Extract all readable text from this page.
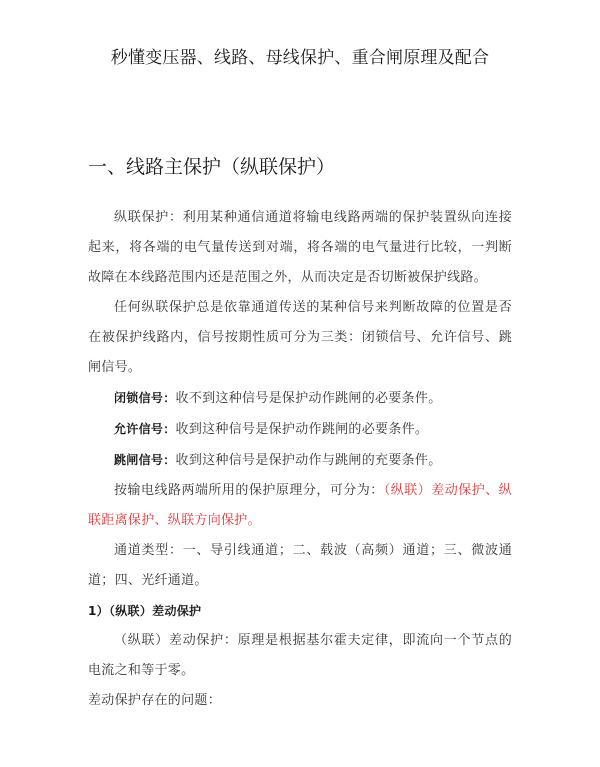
秒懂变压器、线路、母线保护、重合闸原理及配合
一、线路主保护（纵联保护）
纵联保护：利用某种通信通道将输电线路两端的保护装置纵向连接起来，将各端的电气量传送到对端，将各端的电气量进行比较，一判断故障在本线路范围内还是范围之外，从而决定是否切断被保护线路。
任何纵联保护总是依靠通道传送的某种信号来判断故障的位置是否在被保护线路内，信号按期性质可分为三类：闭锁信号、允许信号、跳闸信号。
闭锁信号：收不到这种信号是保护动作跳闸的必要条件。
允许信号：收到这种信号是保护动作跳闸的必要条件。
跳闸信号：收到这种信号是保护动作与跳闸的充要条件。
按输电线路两端所用的保护原理分，可分为：（纵联）差动保护、纵联距离保护、纵联方向保护。
通道类型：一、导引线通道；二、载波（高频）通道；三、微波通道；四、光纤通道。
1）（纵联）差动保护
（纵联）差动保护：原理是根据基尔霍夫定律，即流向一个节点的电流之和等于零。
差动保护存在的问题：
